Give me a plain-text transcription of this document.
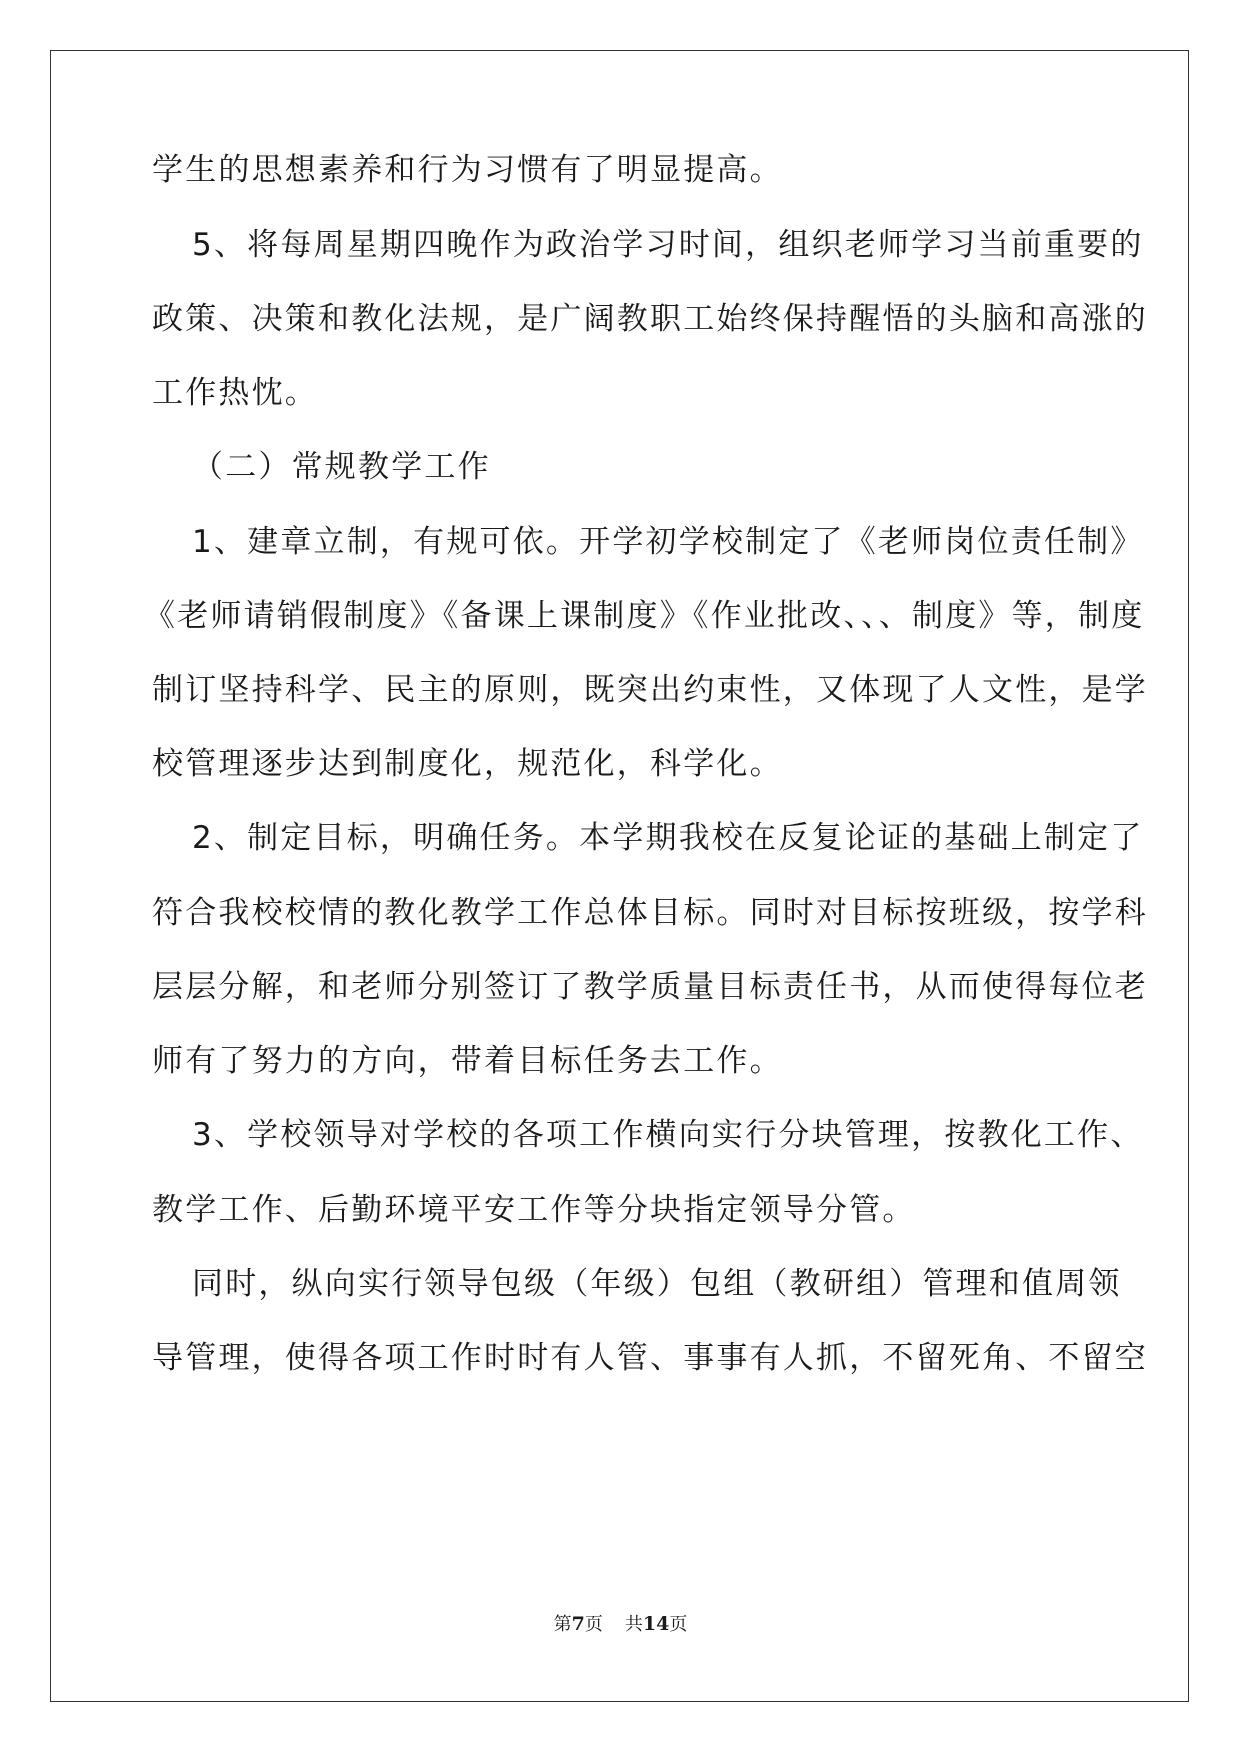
学生的思想素养和行为习惯有了明显提高。
5、将每周星期四晚作为政治学习时间，组织老师学习当前重要的
政策、决策和教化法规，是广阔教职工始终保持醒悟的头脑和高涨的
工作热忱。
（二）常规教学工作
1、建章立制，有规可依。开学初学校制定了《老师岗位责任制》
《老师请销假制度》《备课上课制度》《作业批改、、、制度》等，制度
制订坚持科学、民主的原则，既突出约束性，又体现了人文性，是学
校管理逐步达到制度化，规范化，科学化。
2、制定目标，明确任务。本学期我校在反复论证的基础上制定了
符合我校校情的教化教学工作总体目标。同时对目标按班级，按学科
层层分解，和老师分别签订了教学质量目标责任书，从而使得每位老
师有了努力的方向，带着目标任务去工作。
3、学校领导对学校的各项工作横向实行分块管理，按教化工作、
教学工作、后勤环境平安工作等分块指定领导分管。
同时，纵向实行领导包级（年级）包组（教研组）管理和值周领
导管理，使得各项工作时时有人管、事事有人抓，不留死角、不留空
第7页 共14页
